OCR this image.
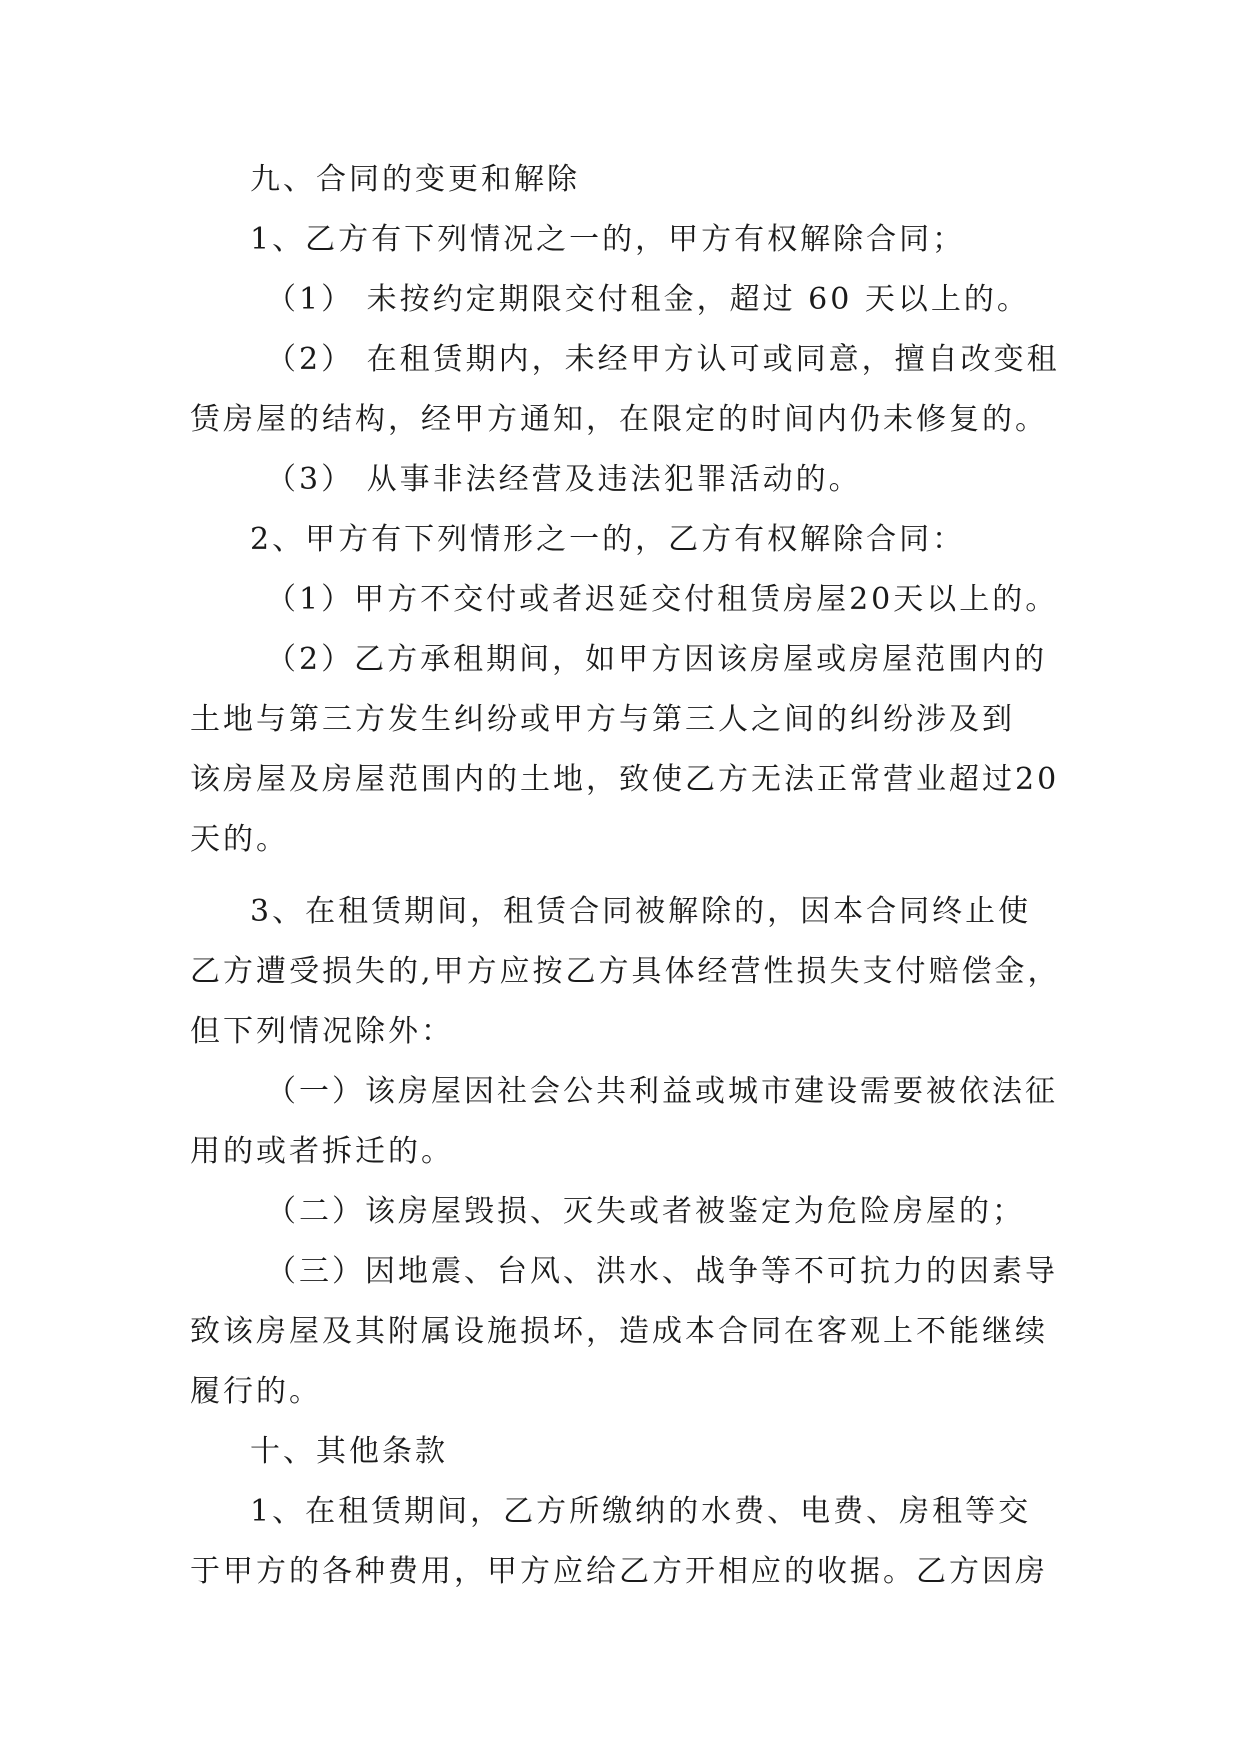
九、合同的变更和解除

1、乙方有下列情况之一的，甲方有权解除合同；

（1） 未按约定期限交付租金，超过 60 天以上的。

（2） 在租赁期内，未经甲方认可或同意，擅自改变租

赁房屋的结构，经甲方通知，在限定的时间内仍未修复的。

（3） 从事非法经营及违法犯罪活动的。

2、甲方有下列情形之一的，乙方有权解除合同：

（1）甲方不交付或者迟延交付租赁房屋20天以上的。

（2）乙方承租期间，如甲方因该房屋或房屋范围内的

土地与第三方发生纠纷或甲方与第三人之间的纠纷涉及到

该房屋及房屋范围内的土地，致使乙方无法正常营业超过20

天的。

3、在租赁期间，租赁合同被解除的，因本合同终止使

乙方遭受损失的,甲方应按乙方具体经营性损失支付赔偿金，

但下列情况除外：

（一）该房屋因社会公共利益或城市建设需要被依法征

用的或者拆迁的。

（二）该房屋毁损、灭失或者被鉴定为危险房屋的；

（三）因地震、台风、洪水、战争等不可抗力的因素导

致该房屋及其附属设施损坏，造成本合同在客观上不能继续

履行的。

十、其他条款

1、在租赁期间，乙方所缴纳的水费、电费、房租等交

于甲方的各种费用，甲方应给乙方开相应的收据。乙方因房
